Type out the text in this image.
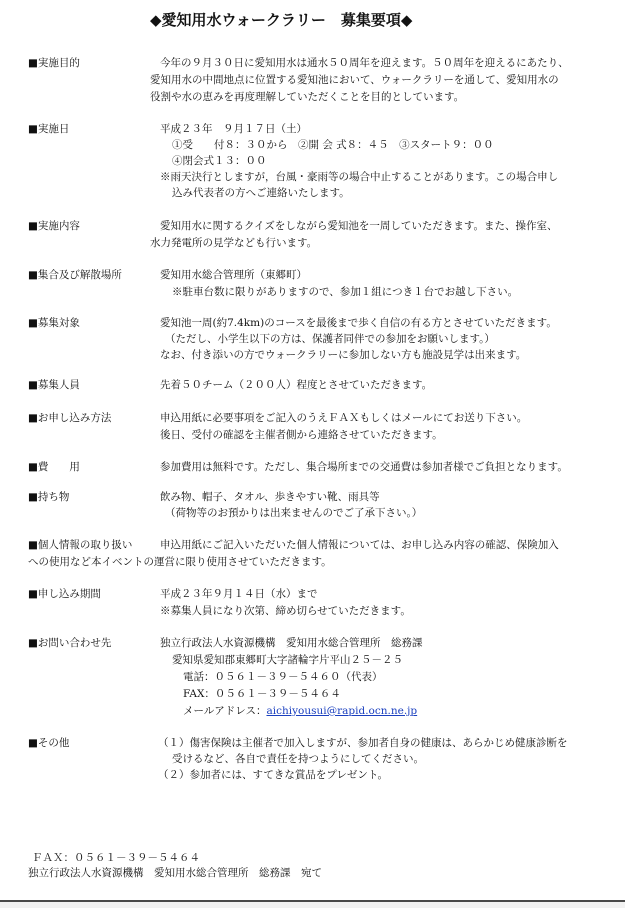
◆愛知用水ウォークラリー　募集要項◆
■実施目的	今年の９月３０日に愛知用水は通水５０周年を迎えます。５０周年を迎えるにあたり、
愛知用水の中間地点に位置する愛知池において、ウォークラリーを通して、愛知用水の
役割や水の恵みを再度理解していただくことを目的としています。
■実施日	平成２３年　９月１７日（土）
①受　　付８：３０から　②開 会 式８：４５　③スタート９：００
④閉会式１３：００
※雨天決行としますが，台風・豪雨等の場合中止することがあります。この場合申し
込み代表者の方へご連絡いたします。
■実施内容	愛知用水に関するクイズをしながら愛知池を一周していただきます。また、操作室、
水力発電所の見学なども行います。
■集合及び解散場所	愛知用水総合管理所（東郷町）
※駐車台数に限りがありますので、参加１組につき１台でお越し下さい。
■募集対象	愛知池一周(約7.4km)のコースを最後まで歩く自信の有る方とさせていただきます。
（ただし、小学生以下の方は、保護者同伴での参加をお願いします。）
なお、付き添いの方でウォークラリーに参加しない方も施設見学は出来ます。
■募集人員	先着５０チーム（２００人）程度とさせていただきます。
■お申し込み方法	申込用紙に必要事項をご記入のうえＦＡＸもしくはメールにてお送り下さい。
後日、受付の確認を主催者側から連絡させていただきます。
■費　　用	参加費用は無料です。ただし、集合場所までの交通費は参加者様でご負担となります。
■持ち物	飲み物、帽子、タオル、歩きやすい靴、雨具等
（荷物等のお預かりは出来ませんのでご了承下さい。）
■個人情報の取り扱い	申込用紙にご記入いただいた個人情報については、お申し込み内容の確認、保険加入
への使用など本イベントの運営に限り使用させていただきます。
■申し込み期間	平成２３年９月１４日（水）まで
※募集人員になり次第、締め切らせていただきます。
■お問い合わせ先	独立行政法人水資源機構　愛知用水総合管理所　総務課
愛知県愛知郡東郷町大字諸輪字片平山２５－２５
電話：０５６１－３９－５４６０（代表）
FAX：０５６１－３９－５４６４
メールアドレス：aichiyousui@rapid.ocn.ne.jp
■その他	（１）傷害保険は主催者で加入しますが、参加者自身の健康は、あらかじめ健康診断を
受けるなど、各自で責任を持つようにしてください。
（２）参加者には、すてきな賞品をプレゼント。
ＦＡＸ：０５６１－３９－５４６４
独立行政法人水資源機構　愛知用水総合管理所　総務課　宛て
